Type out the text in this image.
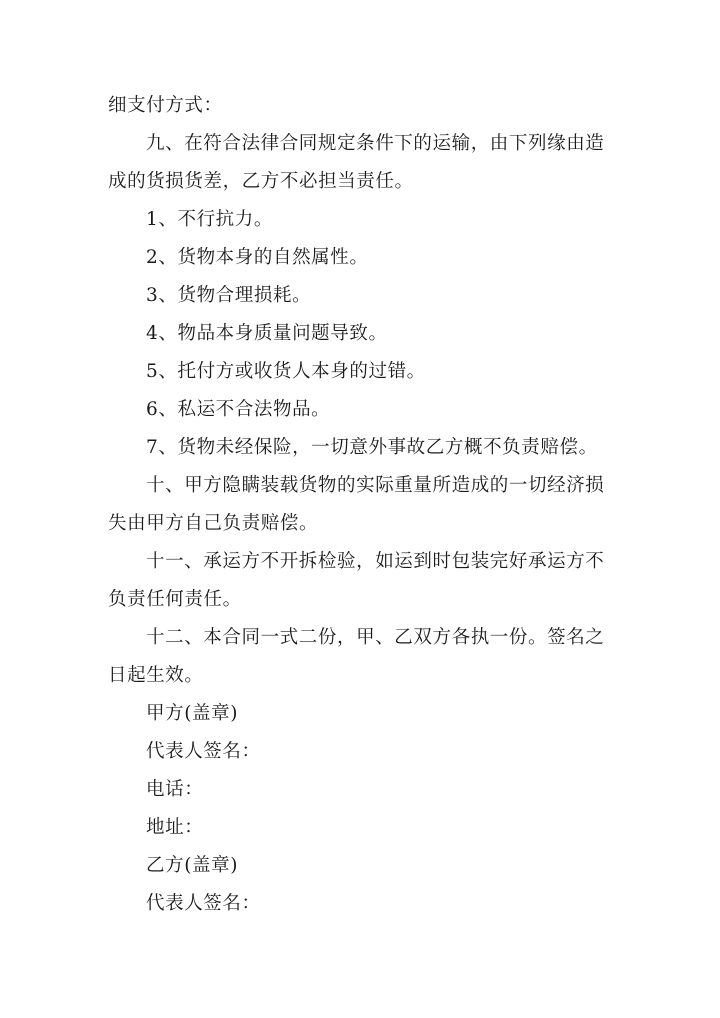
细支付方式：
九、在符合法律合同规定条件下的运输，由下列缘由造
成的货损货差，乙方不必担当责任。
1、不行抗力。
2、货物本身的自然属性。
3、货物合理损耗。
4、物品本身质量问题导致。
5、托付方或收货人本身的过错。
6、私运不合法物品。
7、货物未经保险，一切意外事故乙方概不负责赔偿。
十、甲方隐瞒装载货物的实际重量所造成的一切经济损
失由甲方自己负责赔偿。
十一、承运方不开拆检验，如运到时包装完好承运方不
负责任何责任。
十二、本合同一式二份，甲、乙双方各执一份。签名之
日起生效。
甲方(盖章)
代表人签名：
电话：
地址：
乙方(盖章)
代表人签名：
